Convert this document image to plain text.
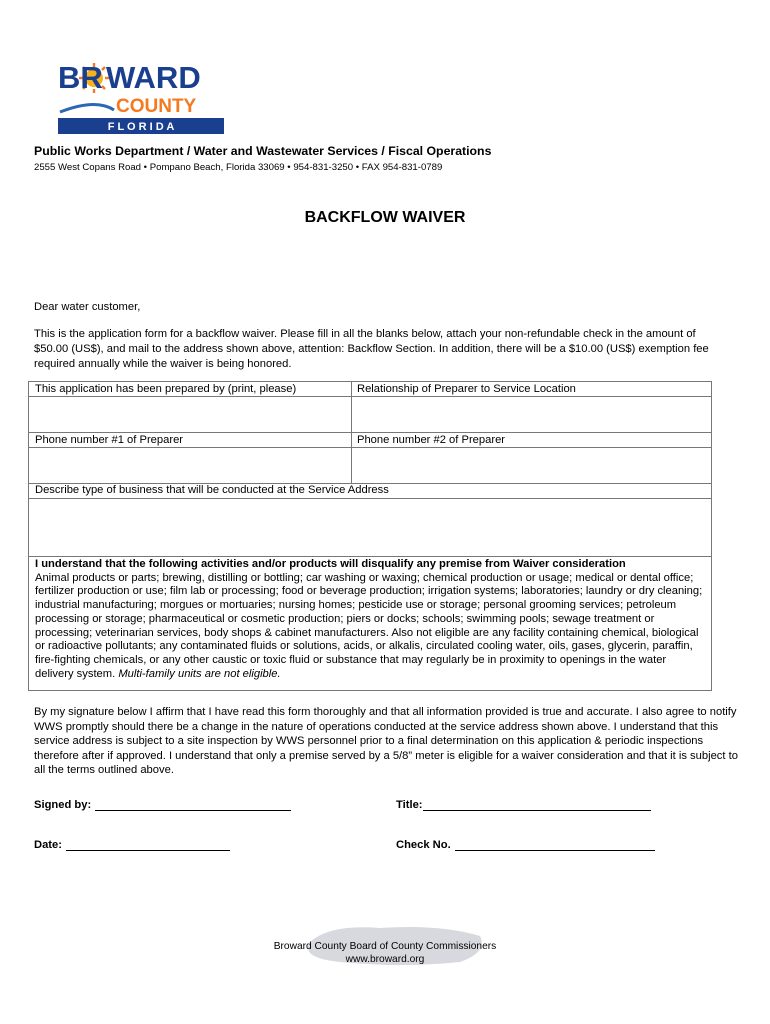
BR WARD
COUNTY
F L O R I D A
Public Works Department / Water and Wastewater Services / Fiscal Operations
2555 West Copans Road • Pompano Beach, Florida 33069 • 954-831-3250 • FAX 954-831-0789
BACKFLOW WAIVER
Dear water customer,
This is the application form for a backflow waiver. Please fill in all the blanks below, attach your non-refundable check in the amount of $50.00 (US$), and mail to the address shown above, attention: Backflow Section. In addition, there will be a $10.00 (US$) exemption fee required annually while the waiver is being honored.
This application has been prepared by (print, please)	Relationship of Preparer to Service Location
Phone number #1 of Preparer	Phone number #2 of Preparer
Describe type of business that will be conducted at the Service Address
I understand that the following activities and/or products will disqualify any premise from Waiver consideration
Animal products or parts; brewing, distilling or bottling; car washing or waxing; chemical production or usage; medical or dental office; fertilizer production or use; film lab or processing; food or beverage production; irrigation systems; laboratories; laundry or dry cleaning; industrial manufacturing; morgues or mortuaries; nursing homes; pesticide use or storage; personal grooming services; petroleum processing or storage; pharmaceutical or cosmetic production; piers or docks; schools; swimming pools; sewage treatment or processing; veterinarian services, body shops & cabinet manufacturers. Also not eligible are any facility containing chemical, biological or radioactive pollutants; any contaminated fluids or solutions, acids, or alkalis, circulated cooling water, oils, gases, glycerin, paraffin, fire-fighting chemicals, or any other caustic or toxic fluid or substance that may regularly be in proximity to openings in the water delivery system. Multi-family units are not eligible.
By my signature below I affirm that I have read this form thoroughly and that all information provided is true and accurate. I also agree to notify WWS promptly should there be a change in the nature of operations conducted at the service address shown above. I understand that this service address is subject to a site inspection by WWS personnel prior to a final determination on this application & periodic inspections therefore after if approved. I understand that only a premise served by a 5/8” meter is eligible for a waiver consideration and that it is subject to all the terms outlined above.
Signed by:	Title:
Date:	Check No.
Broward County Board of County Commissioners
www.broward.org
